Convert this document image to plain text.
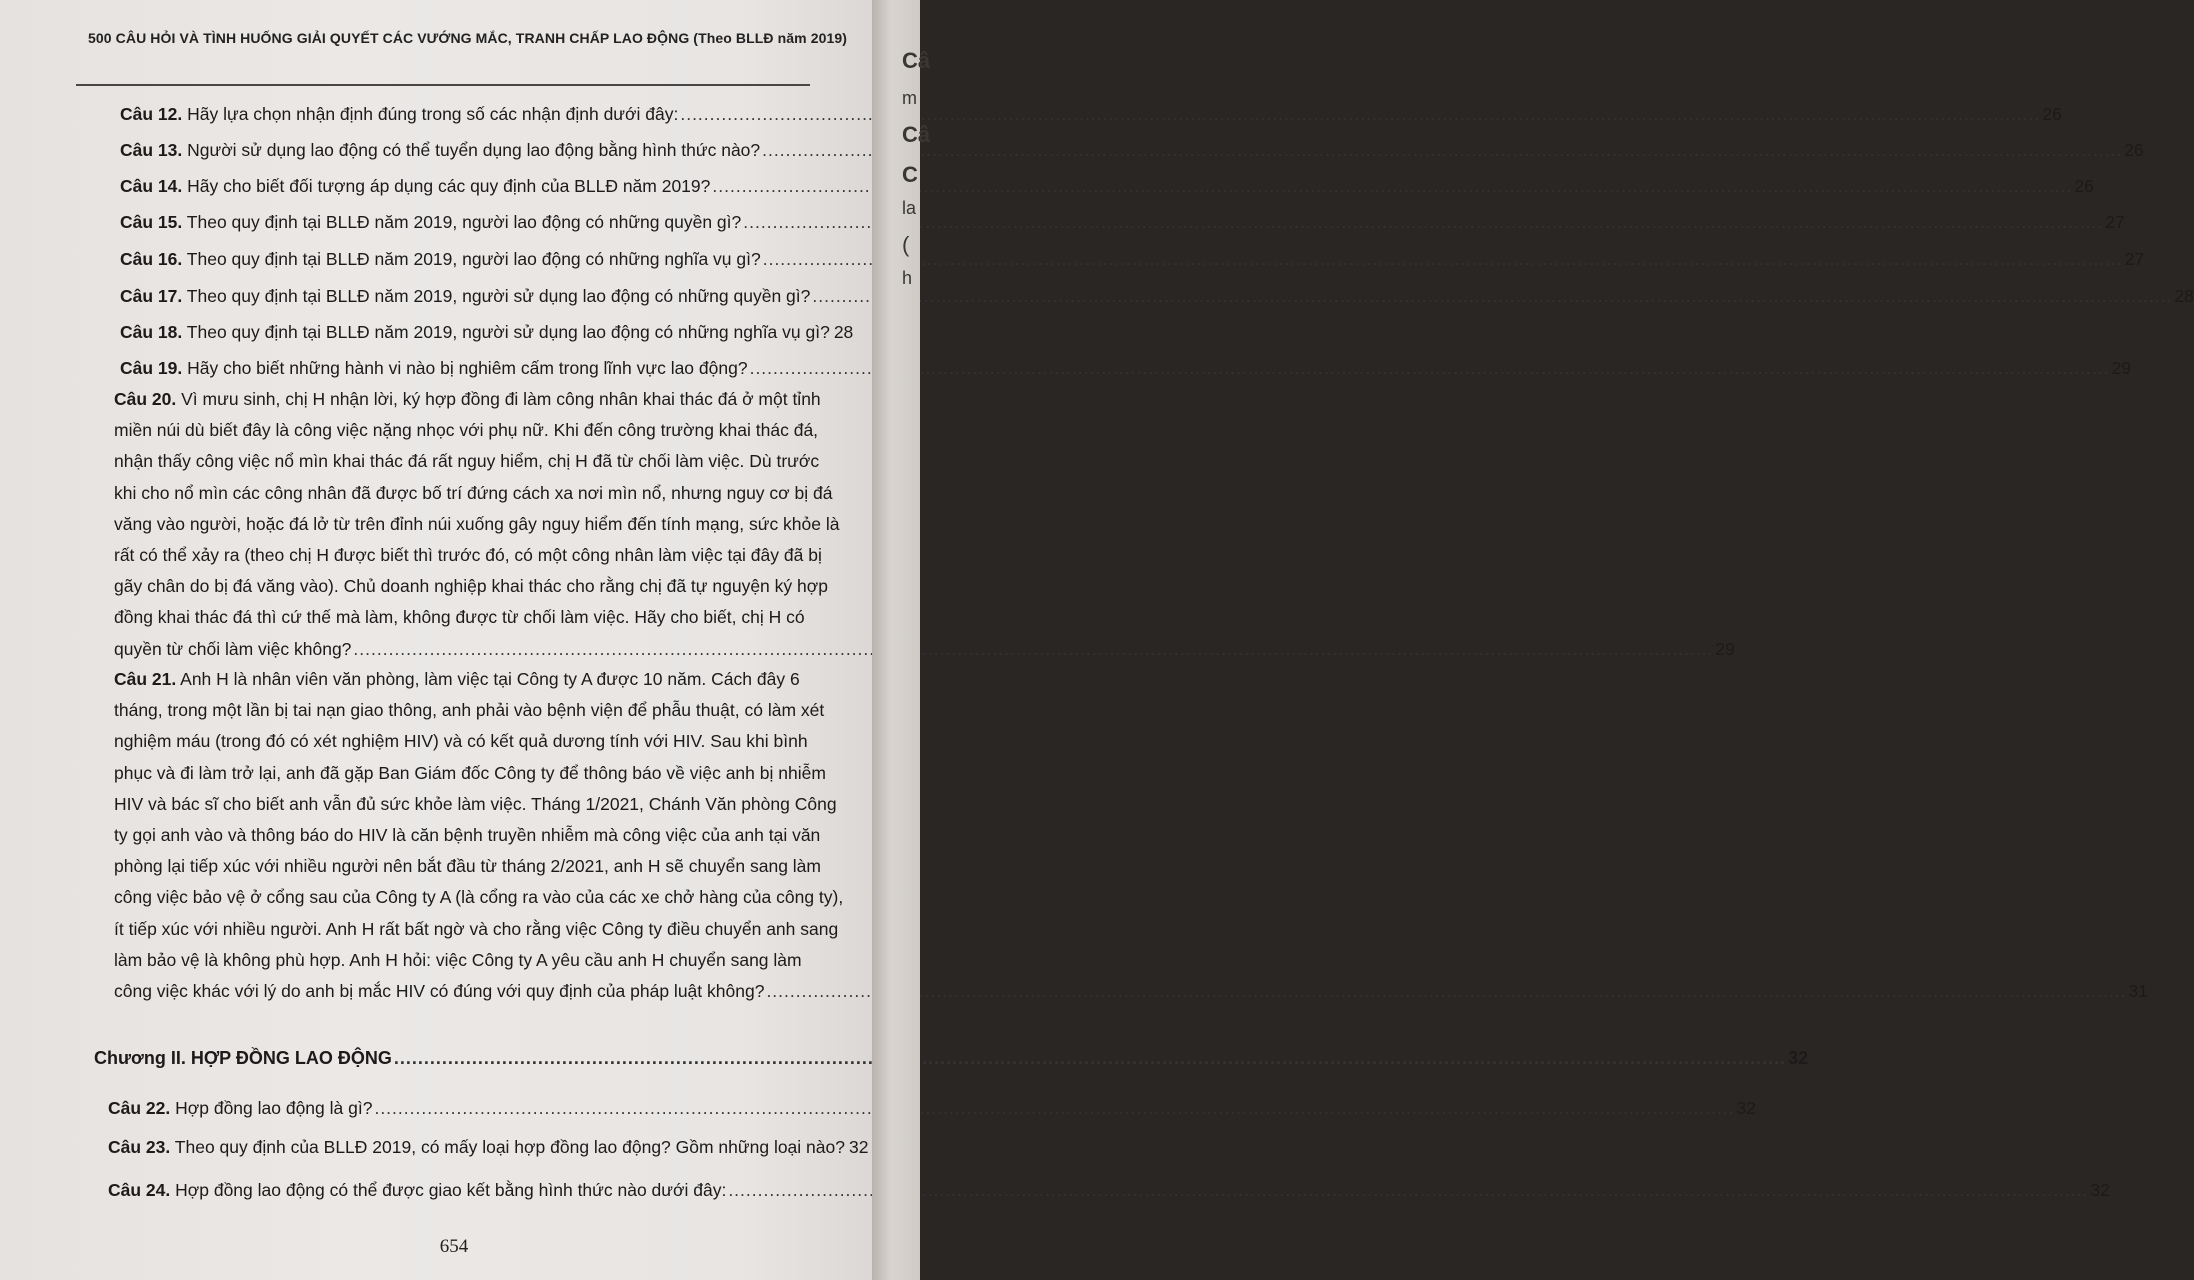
500 CÂU HỎI VÀ TÌNH HUỐNG GIẢI QUYẾT CÁC VƯỚNG MẮC, TRANH CHẤP LAO ĐỘNG (Theo BLLĐ năm 2019)
Câu 12. Hãy lựa chọn nhận định đúng trong số các nhận định dưới đây: .....	26
Câu 13. Người sử dụng lao động có thể tuyển dụng lao động bằng hình thức nào? .....	26
Câu 14. Hãy cho biết đối tượng áp dụng các quy định của BLLĐ năm 2019? .....	26
Câu 15. Theo quy định tại BLLĐ năm 2019, người lao động có những quyền gì? .....	27
Câu 16. Theo quy định tại BLLĐ năm 2019, người lao động có những nghĩa vụ gì? .....	27
Câu 17. Theo quy định tại BLLĐ năm 2019, người sử dụng lao động có những quyền gì? .....	28
Câu 18. Theo quy định tại BLLĐ năm 2019, người sử dụng lao động có những nghĩa vụ gì? 28
Câu 19. Hãy cho biết những hành vi nào bị nghiêm cấm trong lĩnh vực lao động? .....	29
Câu 20. Vì mưu sinh, chị H nhận lời, ký hợp đồng đi làm công nhân khai thác đá ở một tỉnh
miền núi dù biết đây là công việc nặng nhọc với phụ nữ. Khi đến công trường khai thác đá,
nhận thấy công việc nổ mìn khai thác đá rất nguy hiểm, chị H đã từ chối làm việc. Dù trước
khi cho nổ mìn các công nhân đã được bố trí đứng cách xa nơi mìn nổ, nhưng nguy cơ bị đá
văng vào người, hoặc đá lở từ trên đỉnh núi xuống gây nguy hiểm đến tính mạng, sức khỏe là
rất có thể xảy ra (theo chị H được biết thì trước đó, có một công nhân làm việc tại đây đã bị
gãy chân do bị đá văng vào). Chủ doanh nghiệp khai thác cho rằng chị đã tự nguyện ký hợp
đồng khai thác đá thì cứ thế mà làm, không được từ chối làm việc. Hãy cho biết, chị H có
quyền từ chối làm việc không? .....	29
Câu 21. Anh H là nhân viên văn phòng, làm việc tại Công ty A được 10 năm. Cách đây 6
tháng, trong một lần bị tai nạn giao thông, anh phải vào bệnh viện để phẫu thuật, có làm xét
nghiệm máu (trong đó có xét nghiệm HIV) và có kết quả dương tính với HIV. Sau khi bình
phục và đi làm trở lại, anh đã gặp Ban Giám đốc Công ty để thông báo về việc anh bị nhiễm
HIV và bác sĩ cho biết anh vẫn đủ sức khỏe làm việc. Tháng 1/2021, Chánh Văn phòng Công
ty gọi anh vào và thông báo do HIV là căn bệnh truyền nhiễm mà công việc của anh tại văn
phòng lại tiếp xúc với nhiều người nên bắt đầu từ tháng 2/2021, anh H sẽ chuyển sang làm
công việc bảo vệ ở cổng sau của Công ty A (là cổng ra vào của các xe chở hàng của công ty),
ít tiếp xúc với nhiều người. Anh H rất bất ngờ và cho rằng việc Công ty điều chuyển anh sang
làm bảo vệ là không phù hợp. Anh H hỏi: việc Công ty A yêu cầu anh H chuyển sang làm
công việc khác với lý do anh bị mắc HIV có đúng với quy định của pháp luật không? .....	31
Chương II. HỢP ĐỒNG LAO ĐỘNG .....	32
Câu 22. Hợp đồng lao động là gì? .....	32
Câu 23. Theo quy định của BLLĐ 2019, có mấy loại hợp đồng lao động? Gồm những loại nào? 32
Câu 24. Hợp đồng lao động có thể được giao kết bằng hình thức nào dưới đây: .....	32
654
Câ
m
Câ
C
la
(
h
